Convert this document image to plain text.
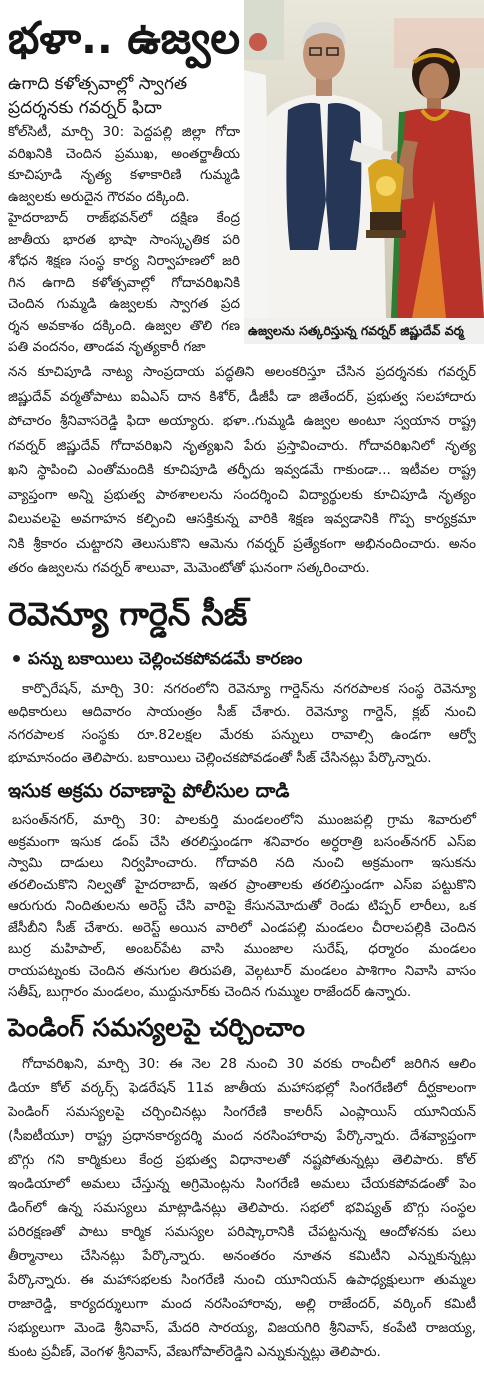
భళా.. ఉజ్వల
ఉగాది కళోత్సవాల్లో స్వాగత
ప్రదర్శనకు గవర్నర్ ఫిదా
ఉజ్వలను సత్కరిస్తున్న గవర్నర్ జిష్ణుదేవ్ వర్మ
కోల్‌సిటీ, మార్చి 30: పెద్దపల్లి జిల్లా గోదా
వరిఖనికి చెందిన ప్రముఖ, అంతర్జాతీయ
కూచిపూడి నృత్య కళాకారిణి గుమ్మడి
ఉజ్వలకు అరుదైన గౌరవం దక్కింది.
హైదరాబాద్ రాజ్‌భవన్‌లో దక్షిణ కేంద్ర
జాతీయ భారత భాషా సాంస్కృతిక పరి
శోధన శిక్షణ సంస్థ కార్య నిర్వాహణలో జరి
గిన ఉగాది కళోత్సవాల్లో గోదావరిఖనికి
చెందిన గుమ్మడి ఉజ్వలకు స్వాగత ప్రద
ర్శన అవకాశం దక్కింది. ఉజ్వల తొలి గణ
పతి వందనం, తాండవ నృత్యకారీ గజా
నన కూచిపూడి నాట్య సాంప్రదాయ పద్ధతిని అలంకరిస్తూ చేసిన ప్రదర్శనకు గవర్నర్
జిష్ణుదేవ్ వర్మతోపాటు ఐఏఎస్ దాన కిశోర్, డీజీపీ డా జితేందర్, ప్రభుత్వ సలహాదారు
పోచారం శ్రీనివాసరెడ్డి ఫిదా అయ్యారు. భళా..గుమ్మడి ఉజ్వల అంటూ స్వయాన రాష్ట్ర
గవర్నర్ జిష్ణుదేవ్ గోదావరిఖని నృత్యఖని పేరు ప్రస్తావించారు. గోదావరిఖనిలో నృత్య
ఖని స్థాపించి ఎంతోమందికి కూచిపూడి తర్ఫీదు ఇవ్వడమే గాకుండా... ఇటీవల రాష్ట్ర
వ్యాప్తంగా అన్ని ప్రభుత్వ పాఠశాలలను సందర్శించి విద్యార్థులకు కూచిపూడి నృత్యం
విలువలపై అవగాహన కల్పించి ఆసక్తికున్న వారికి శిక్షణ ఇవ్వడానికి గొప్ప కార్యక్రమా
నికి శ్రీకారం చుట్టారని తెలుసుకొని ఆమెను గవర్నర్ ప్రత్యేకంగా అభినందించారు. అనం
తరం ఉజ్వలను గవర్నర్ శాలువా, మెమెంటోతో ఘనంగా సత్కరించారు.
రెవెన్యూ గార్డెన్ సీజ్
పన్ను బకాయిలు చెల్లించకపోవడమే కారణం
కార్పొరేషన్, మార్చి 30: నగరంలోని రెవెన్యూ గార్డెన్‌ను నగరపాలక సంస్థ రెవెన్యూ
అధికారులు ఆదివారం సాయంత్రం సీజ్ చేశారు. రెవెన్యూ గార్డెన్, క్లబ్ నుంచి
నగరపాలక సంస్థకు రూ.82లక్షల మేరకు పన్నులు రావాల్సి ఉండగా ఆర్వో
భూమానందం తెలిపారు. బకాయిలు చెల్లించకపోవడంతో సీజ్ చేసినట్లు పేర్కొన్నారు.
ఇసుక అక్రమ రవాణాపై పోలీసుల దాడి
బసంత్‌నగర్, మార్చి 30: పాలకుర్తి మండలంలోని ముంజపల్లి గ్రామ శివారులో
అక్రమంగా ఇసుక డంప్ చేసి తరలిస్తుండగా శనివారం అర్ధరాత్రి బసంత్‌నగర్ ఎస్ఐ
స్వామి దాడులు నిర్వహించారు. గోదావరి నది నుంచి అక్రమంగా ఇసుకను
తరలించుకొని నిల్వతో హైదరాబాద్, ఇతర ప్రాంతాలకు తరలిస్తుండగా ఎస్ఐ పట్టుకొని
ఆరుగురు నిందితులను అరెస్ట్ చేసి వారిపై కేసునమోదుతో రెండు టిప్పర్ లారీలు, ఒక
జేసీబీని సీజ్ చేశారు. అరెస్ట్ అయిన వారిలో ఎండపల్లి మండలం చీరాలపల్లికి చెందిన
బుర్ర మహిపాల్, అంబర్‌పేట వాసి ముంజాల సురేష్, ధర్మారం మండలం
రాయపట్నంకు చెందిన తనుగుల తిరుపతి, వెల్గటూర్ మండలం పాశిగాం నివాసి వాసం
సతీష్, బుగ్గారం మండలం, ముద్దునూర్‌కు చెందిన గుమ్ముల రాజేందర్ ఉన్నారు.
పెండింగ్ సమస్యలపై చర్చించాం
గోదావరిఖని, మార్చి 30: ఈ నెల 28 నుంచి 30 వరకు రాంచీలో జరిగిన ఆలిం
డియా కోల్ వర్కర్స్ ఫెడరేషన్ 11వ జాతీయ మహాసభల్లో సింగరేణిలో దీర్ఘకాలంగా
పెండింగ్ సమస్యలపై చర్చించినట్లు సింగరేణి కాలరీస్ ఎంప్లాయిస్ యూనియన్
(సీఐటీయూ) రాష్ట్ర ప్రధానకార్యదర్శి మంద నరసింహారావు పేర్కొన్నారు. దేశవ్యాప్తంగా
బొగ్గు గని కార్మికులు కేంద్ర ప్రభుత్వ విధానాలతో నష్టపోతున్నట్లు తెలిపారు. కోల్
ఇండియాలో అమలు చేస్తున్న అగ్రిమెంట్లను సింగరేణి అమలు చేయకపోవడంతో పెం
డింగ్‌లో ఉన్న సమస్యలు మాట్లాడినట్లు తెలిపారు. సభలో భవిష్యత్ బొగ్గు సంస్థల
పరిరక్షణతో పాటు కార్మిక సమస్యల పరిష్కారానికి చేపట్టనున్న ఆందోళనకు పలు
తీర్మానాలు చేసినట్లు పేర్కొన్నారు. అనంతరం నూతన కమిటీని ఎన్నుకున్నట్లు
పేర్కొన్నారు. ఈ మహాసభలకు సింగరేణి నుంచి యూనియన్ ఉపాధ్యక్షులుగా తుమ్మల
రాజారెడ్డి, కార్యదర్శులుగా మంద నరసింహారావు, అల్లి రాజేందర్, వర్కింగ్ కమిటీ
సభ్యులుగా మెండె శ్రీనివాస్, మేదరి సారయ్య, విజయగిరి శ్రీనివాస్, కంపేటి రాజయ్య,
కుంట ప్రవీణ్, వెంగళ శ్రీనివాస్, వేణుగోపాల్‌రెడ్డిని ఎన్నుకున్నట్లు తెలిపారు.
